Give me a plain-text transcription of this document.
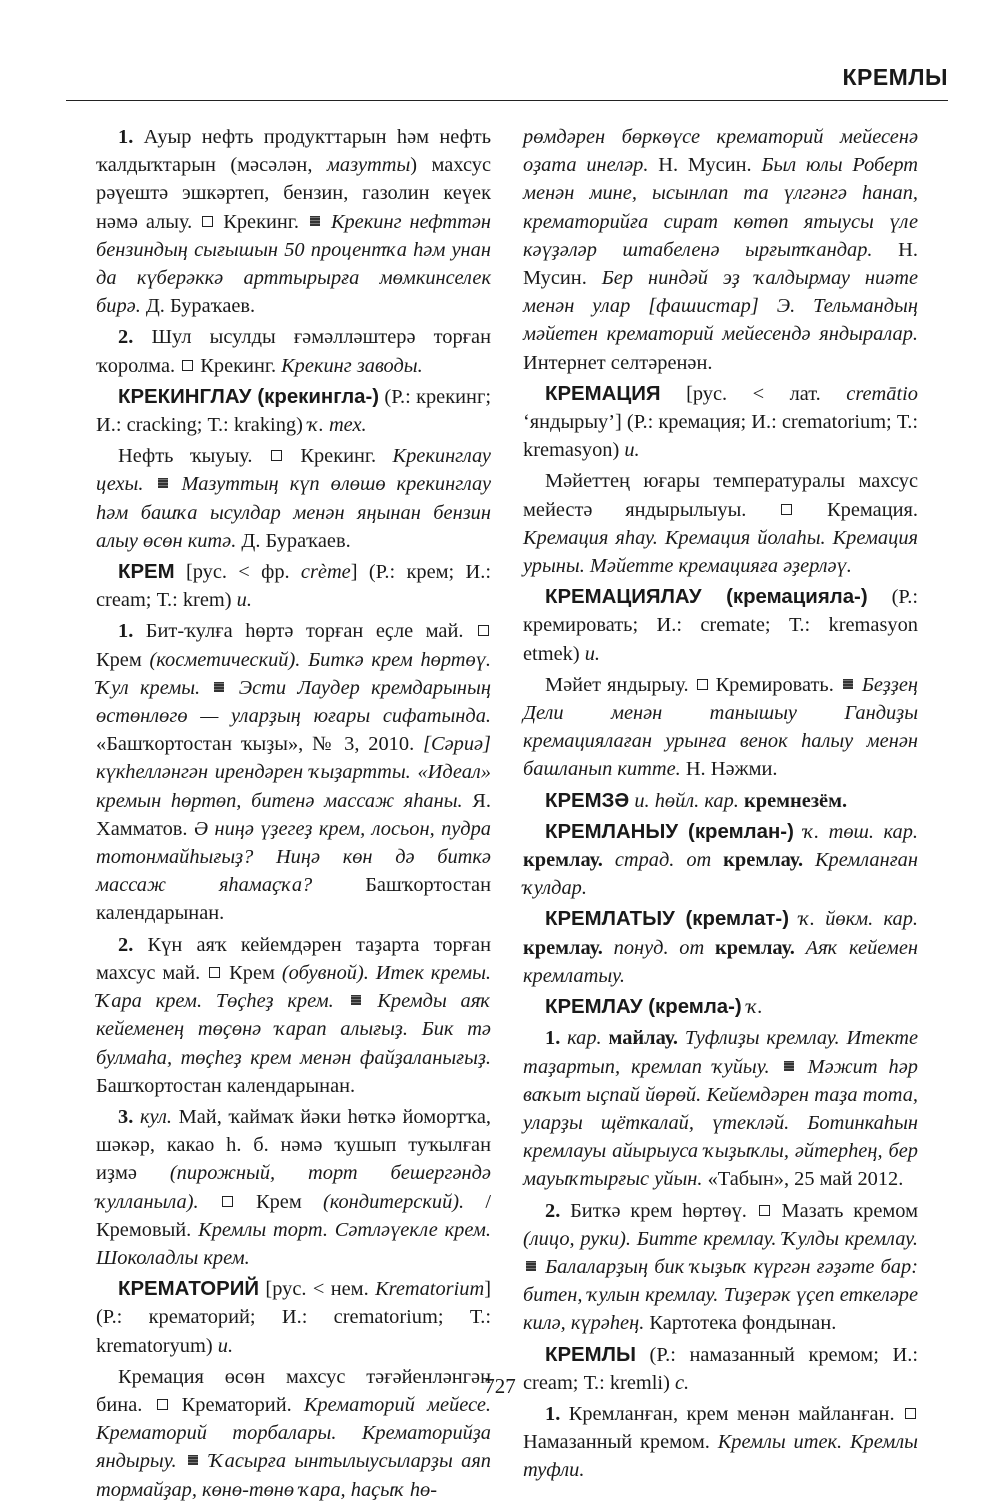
КРЕМЛЫ

1. Ауыр нефть продукттарын һәм нефть ҡалдыҡтарын (мәсәлән, мазутты) махсус рәүештә эшкәртеп, бензин, газолин кеүек нәмә алыу.  Крекинг.  Крекинг нефттән бензиндың сығышын 50 процентҡа һәм унан да күберәккә арттырырға мөмкинселек бирә. Д. Бураҡаев.

2. Шул ысулды ғәмәлләштерә торған ҡоролма.  Крекинг. Крекинг заводы.

КРЕКИНГЛАУ (крекингла-) (Р.: крекинг; И.: cracking; Т.: kraking) ҡ. тех.

Нефть ҡыуыу.  Крекинг. Крекинглау цехы.  Мазуттың күп өлөшө крекинглау һәм башҡа ысулдар менән яңынан бензин алыу өсөн китә. Д. Бураҡаев.

КРЕМ [рус. < фр. crème] (Р.: крем; И.: cream; Т.: krem) и.

1. Бит-ҡулға һөртә торған еҫле май.  Крем (косметический). Биткә крем һөртөү. Ҡул кремы.  Эсти Лаудер кремдарының өстөнлөгө — уларҙың юғары сифатында. «Башҡортостан ҡыҙы», № 3, 2010. [Сәриә] күкһелләнгән ирендәрен ҡыҙартты. «Идеал» кремын һөртөп, битенә массаж яһаны. Я. Хамматов. Ә ниңә үҙегеҙ крем, лосьон, пудра тотонмайһығыҙ? Ниңә көн дә биткә массаж яһамаҫҡа? Башҡортостан календарынан.

2. Күн аяҡ кейемдәрен таҙарта торған махсус май.  Крем (обувной). Итек кремы. Ҡара крем. Төҫһеҙ крем.  Кремды аяҡ кейеменең төҫөнә ҡарап алығыҙ. Бик тә булмаһа, төҫһеҙ крем менән файҙаланығыҙ. Башҡортостан календарынан.

3. кул. Май, ҡаймаҡ йәки һөткә йомортҡа, шәкәр, какао һ. б. нәмә ҡушып туҡылған иҙмә (пирожный, торт бешергәндә ҡулланыла).  Крем (кондитерский). / Кремовый. Кремлы торт. Сәтләүекле крем. Шоколадлы крем.

КРЕМАТОРИЙ [рус. < нем. Krematorium] (Р.: крематорий; И.: crematorium; Т.: krematoryum) и.

Кремация өсөн махсус тәғәйенләнгән бина.  Крематорий. Крематорий мейесе. Крематорий торбалары. Крематорийҙа яндырыу.  Ҡасырға ынтылыусыларҙы аяп тормайҙар, көнө-төнө ҡара, һаҫыҡ һө-

рөмдәрен бөркөүсе крематорий мейесенә оҙата инеләр. Н. Мусин. Был юлы Роберт менән мине, ысынлап та үлгәнгә һанап, крематорийға сират көтөп ятыусы үле кәүҙәләр штабеленә ырғытҡандар. Н. Мусин. Бер ниндәй эҙ ҡалдырмау ниәте менән улар [фашистар] Э. Тельмандың мәйетен крематорий мейесендә яндыралар. Интернет селтәренән.

КРЕМАЦИЯ [рус. < лат. cremātio ‘яндырыу’] (Р.: кремация; И.: crematorium; Т.: kremasyon) и.

Мәйеттең юғары температуралы махсус мейестә яндырылыуы.  Кремация. Кремация яһау. Кремация йолаһы. Кремация урыны. Мәйетте кремацияға әҙерләү.

КРЕМАЦИЯЛАУ (кремацияла-) (Р.: кремировать; И.: cremate; Т.: kremasyon etmek) и.

Мәйет яндырыу.  Кремировать.  Беҙҙең Дели менән танышыу Гандиҙы кремациялаған урынға венок һалыу менән башланып китте. Н. Нәжми.

КРЕМЗӘ и. һөйл. кар. кремнезём.

КРЕМЛАНЫУ (кремлан-) ҡ. төш. кар. кремлау. страд. от кремлау. Кремланған ҡулдар.

КРЕМЛАТЫУ (кремлат-) ҡ. йөкм. кар. кремлау. понуд. от кремлау. Аяҡ кейемен кремлатыу.

КРЕМЛАУ (кремла-) ҡ.

1. кар. майлау. Туфлиҙы кремлау. Итекте таҙартып, кремлап ҡуйыу.  Мәжит һәр ваҡыт ыҫпай йөрөй. Кейемдәрен таҙа тота, уларҙы щёткалай, үтекләй. Ботинкаһын кремлауы айырыуса ҡыҙыҡлы, әйтерһең, бер мауыҡтырғыс уйын. «Табын», 25 май 2012.

2. Биткә крем һөртөү.  Мазать кремом (лицо, руки). Битте кремлау. Ҡулды кремлау.  Балаларҙың бик ҡыҙыҡ күргән ғәҙәте бар: битен, ҡулын кремлау. Тиҙерәк үҫеп еткеләре килә, күрәһең. Картотека фондынан.

КРЕМЛЫ (Р.: намазанный кремом; И.: cream; Т.: kremli) с.

1. Кремланған, крем менән майланған.  Намазанный кремом. Кремлы итек. Кремлы туфли.

727
